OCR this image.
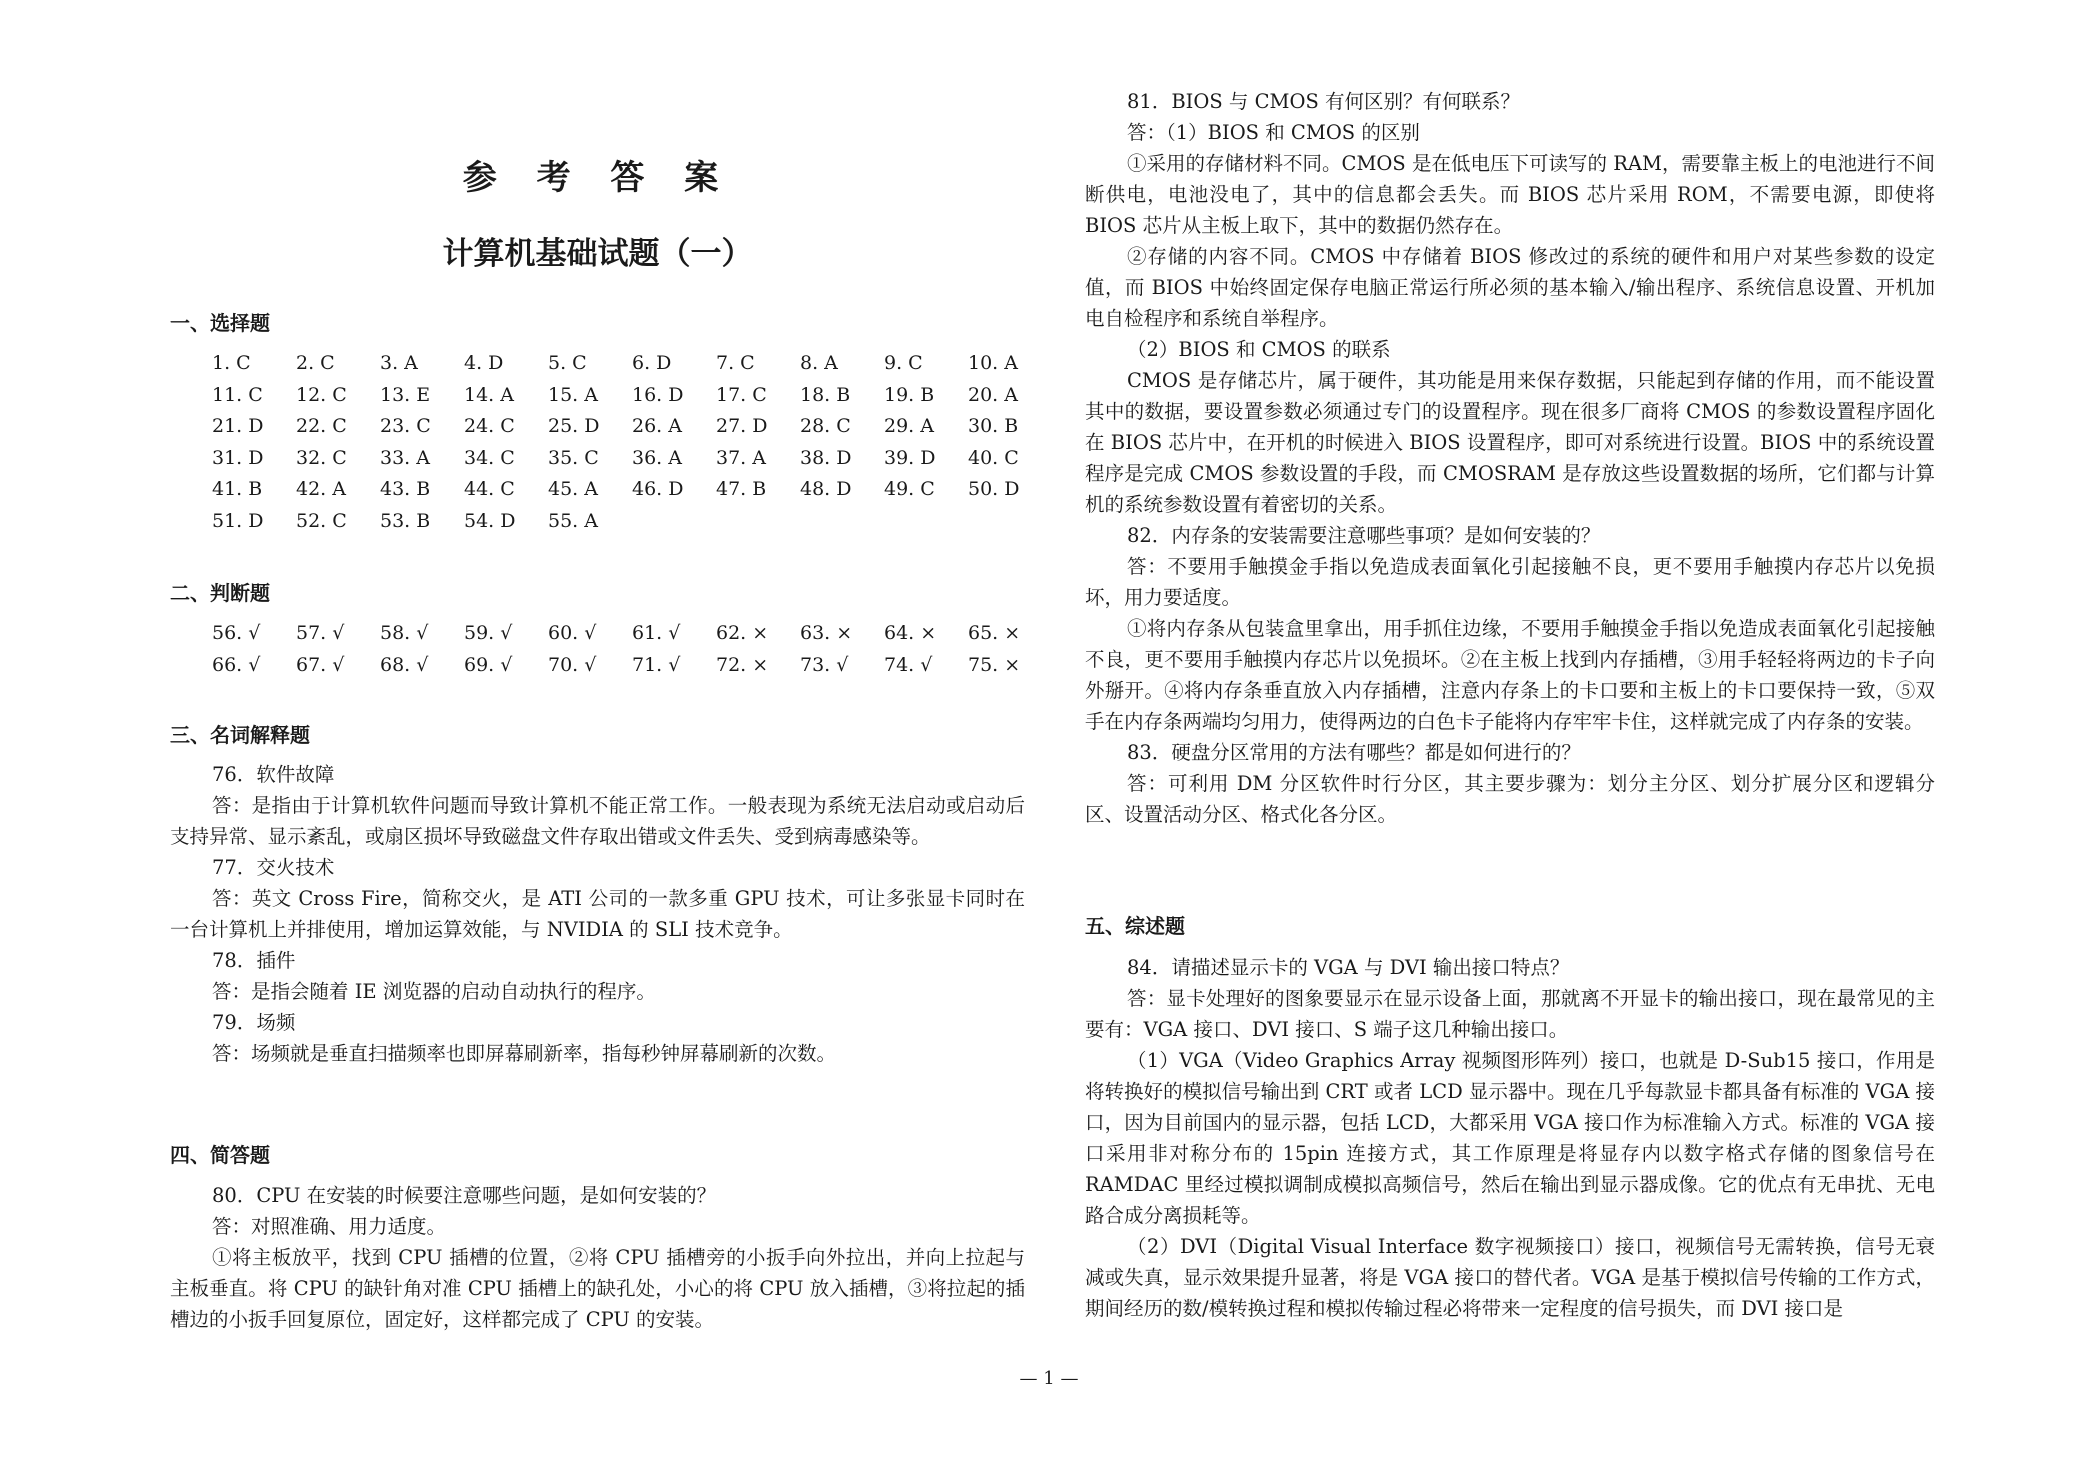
参 考 答 案
计算机基础试题（一）
一、选择题
1. C 2. C 3. A 4. D 5. C 6. D 7. C 8. A 9. C 10. A
11. C 12. C 13. E 14. A 15. A 16. D 17. C 18. B 19. B 20. A
21. D 22. C 23. C 24. C 25. D 26. A 27. D 28. C 29. A 30. B
31. D 32. C 33. A 34. C 35. C 36. A 37. A 38. D 39. D 40. C
41. B 42. A 43. B 44. C 45. A 46. D 47. B 48. D 49. C 50. D
51. D 52. C 53. B 54. D 55. A
二、判断题
56. √ 57. √ 58. √ 59. √ 60. √ 61. √ 62. × 63. × 64. × 65. ×
66. √ 67. √ 68. √ 69. √ 70. √ 71. √ 72. × 73. √ 74. √ 75. ×
三、名词解释题

76．软件故障

答：是指由于计算机软件问题而导致计算机不能正常工作。一般表现为系统无法启动或启动后支持异常、显示紊乱，或扇区损坏导致磁盘文件存取出错或文件丢失、受到病毒感染等。

77．交火技术

答：英文 Cross Fire，简称交火，是 ATI 公司的一款多重 GPU 技术，可让多张显卡同时在一台计算机上并排使用，增加运算效能，与 NVIDIA 的 SLI 技术竞争。

78．插件

答：是指会随着 IE 浏览器的启动自动执行的程序。

79．场频

答：场频就是垂直扫描频率也即屏幕刷新率，指每秒钟屏幕刷新的次数。

四、简答题

80．CPU 在安装的时候要注意哪些问题，是如何安装的？

答：对照准确、用力适度。

①将主板放平，找到 CPU 插槽的位置，②将 CPU 插槽旁的小扳手向外拉出，并向上拉起与主板垂直。将 CPU 的缺针角对准 CPU 插槽上的缺孔处，小心的将 CPU 放入插槽，③将拉起的插槽边的小扳手回复原位，固定好，这样都完成了 CPU 的安装。

81．BIOS 与 CMOS 有何区别？有何联系？

答：（1）BIOS 和 CMOS 的区别

①采用的存储材料不同。CMOS 是在低电压下可读写的 RAM，需要靠主板上的电池进行不间断供电，电池没电了，其中的信息都会丢失。而 BIOS 芯片采用 ROM，不需要电源，即使将 BIOS 芯片从主板上取下，其中的数据仍然存在。

②存储的内容不同。CMOS 中存储着 BIOS 修改过的系统的硬件和用户对某些参数的设定值，而 BIOS 中始终固定保存电脑正常运行所必须的基本输入/输出程序、系统信息设置、开机加电自检程序和系统自举程序。

（2）BIOS 和 CMOS 的联系

CMOS 是存储芯片，属于硬件，其功能是用来保存数据，只能起到存储的作用，而不能设置其中的数据，要设置参数必须通过专门的设置程序。现在很多厂商将 CMOS 的参数设置程序固化在 BIOS 芯片中，在开机的时候进入 BIOS 设置程序，即可对系统进行设置。BIOS 中的系统设置程序是完成 CMOS 参数设置的手段，而 CMOSRAM 是存放这些设置数据的场所，它们都与计算机的系统参数设置有着密切的关系。

82．内存条的安装需要注意哪些事项？是如何安装的？

答：不要用手触摸金手指以免造成表面氧化引起接触不良，更不要用手触摸内存芯片以免损坏，用力要适度。

①将内存条从包装盒里拿出，用手抓住边缘，不要用手触摸金手指以免造成表面氧化引起接触不良，更不要用手触摸内存芯片以免损坏。②在主板上找到内存插槽，③用手轻轻将两边的卡子向外掰开。④将内存条垂直放入内存插槽，注意内存条上的卡口要和主板上的卡口要保持一致，⑤双手在内存条两端均匀用力，使得两边的白色卡子能将内存牢牢卡住，这样就完成了内存条的安装。

83．硬盘分区常用的方法有哪些？都是如何进行的？

答：可利用 DM 分区软件时行分区，其主要步骤为：划分主分区、划分扩展分区和逻辑分区、设置活动分区、格式化各分区。

五、综述题

84．请描述显示卡的 VGA 与 DVI 输出接口特点？

答：显卡处理好的图象要显示在显示设备上面，那就离不开显卡的输出接口，现在最常见的主要有：VGA 接口、DVI 接口、S 端子这几种输出接口。

（1）VGA（Video Graphics Array 视频图形阵列）接口，也就是 D-Sub15 接口，作用是将转换好的模拟信号输出到 CRT 或者 LCD 显示器中。现在几乎每款显卡都具备有标准的 VGA 接口，因为目前国内的显示器，包括 LCD，大都采用 VGA 接口作为标准输入方式。标准的 VGA 接口采用非对称分布的 15pin 连接方式，其工作原理是将显存内以数字格式存储的图象信号在 RAMDAC 里经过模拟调制成模拟高频信号，然后在输出到显示器成像。它的优点有无串扰、无电路合成分离损耗等。

（2）DVI（Digital Visual Interface 数字视频接口）接口，视频信号无需转换，信号无衰减或失真，显示效果提升显著，将是 VGA 接口的替代者。VGA 是基于模拟信号传输的工作方式，期间经历的数/模转换过程和模拟传输过程必将带来一定程度的信号损失，而 DVI 接口是

— 1 —
